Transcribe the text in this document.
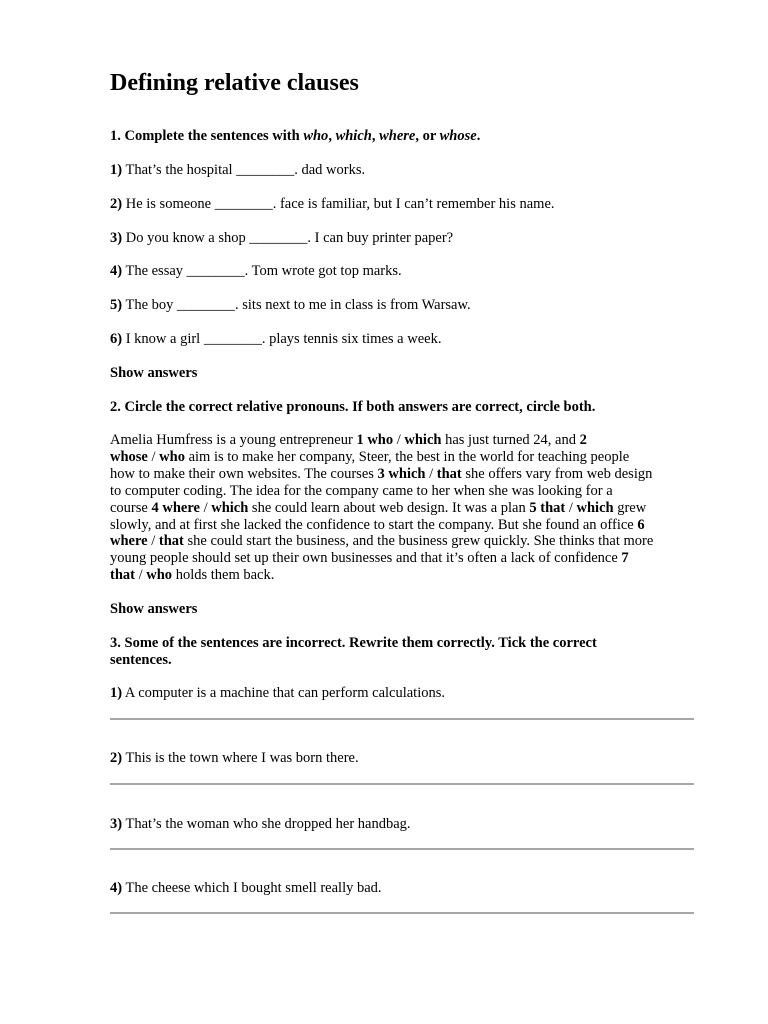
Defining relative clauses
1. Complete the sentences with who, which, where, or whose.
1) That’s the hospital ________. dad works.
2) He is someone ________. face is familiar, but I can’t remember his name.
3) Do you know a shop ________. I can buy printer paper?
4) The essay ________. Tom wrote got top marks.
5) The boy ________. sits next to me in class is from Warsaw.
6) I know a girl ________. plays tennis six times a week.
Show answers
2. Circle the correct relative pronouns. If both answers are correct, circle both.
Amelia Humfress is a young entrepreneur 1 who / which has just turned 24, and 2
whose / who aim is to make her company, Steer, the best in the world for teaching people
how to make their own websites. The courses 3 which / that she offers vary from web design
to computer coding. The idea for the company came to her when she was looking for a
course 4 where / which she could learn about web design. It was a plan 5 that / which grew
slowly, and at first she lacked the confidence to start the company. But she found an office 6
where / that she could start the business, and the business grew quickly. She thinks that more
young people should set up their own businesses and that it’s often a lack of confidence 7
that / who holds them back.
Show answers
3. Some of the sentences are incorrect. Rewrite them correctly. Tick the correct
sentences.
1) A computer is a machine that can perform calculations.
2) This is the town where I was born there.
3) That’s the woman who she dropped her handbag.
4) The cheese which I bought smell really bad.
